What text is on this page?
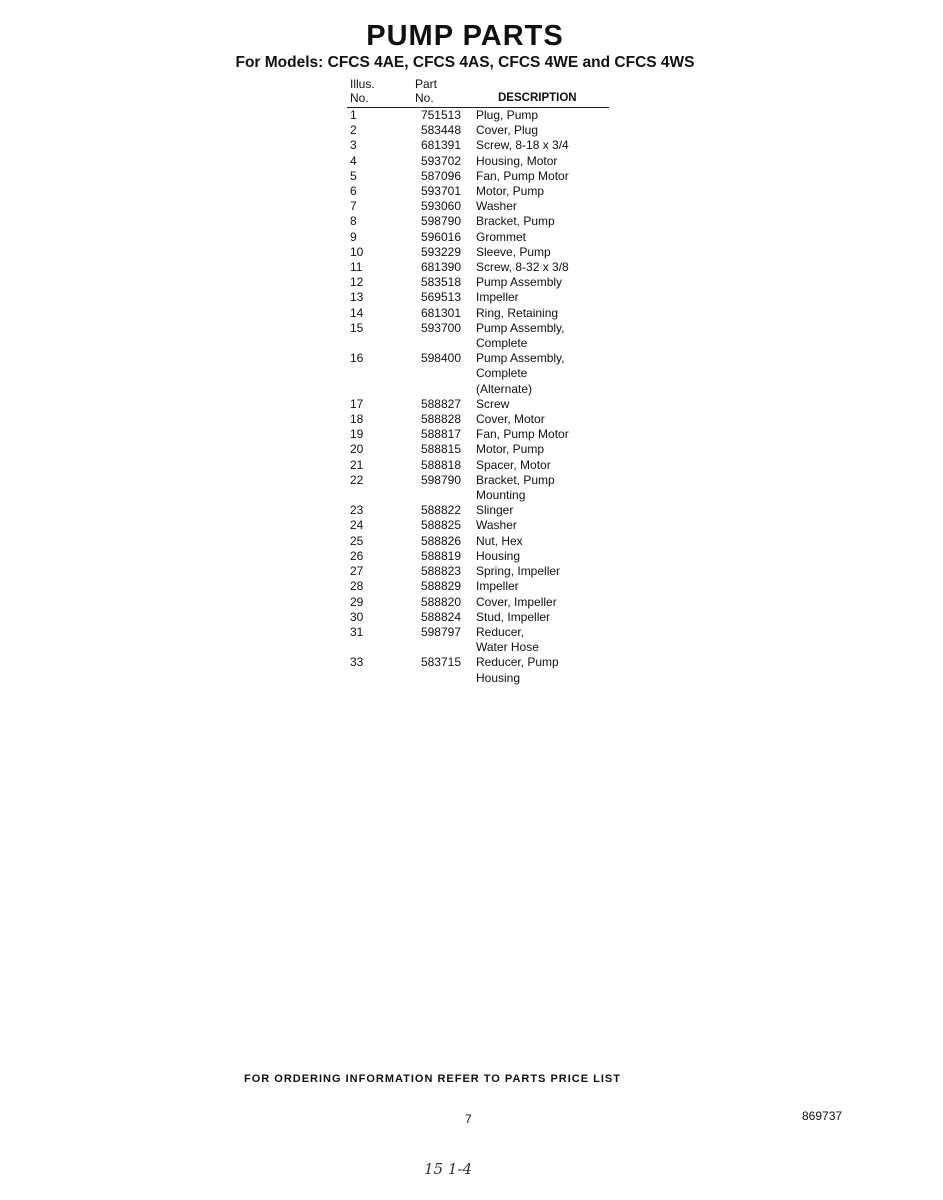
PUMP PARTS
For Models: CFCS 4AE, CFCS 4AS, CFCS 4WE and CFCS 4WS
Illus.	Part	
No.	No.	DESCRIPTION
1	751513	Plug, Pump
2	583448	Cover, Plug
3	681391	Screw, 8-18 x 3/4
4	593702	Housing, Motor
5	587096	Fan, Pump Motor
6	593701	Motor, Pump
7	593060	Washer
8	598790	Bracket, Pump
9	596016	Grommet
10	593229	Sleeve, Pump
11	681390	Screw, 8-32 x 3/8
12	583518	Pump Assembly
13	569513	Impeller
14	681301	Ring, Retaining
15	593700	Pump Assembly,
Complete
16	598400	Pump Assembly,
Complete
(Alternate)
17	588827	Screw
18	588828	Cover, Motor
19	588817	Fan, Pump Motor
20	588815	Motor, Pump
21	588818	Spacer, Motor
22	598790	Bracket, Pump
Mounting
23	588822	Slinger
24	588825	Washer
25	588826	Nut, Hex
26	588819	Housing
27	588823	Spring, Impeller
28	588829	Impeller
29	588820	Cover, Impeller
30	588824	Stud, Impeller
31	598797	Reducer,
Water Hose
33	583715	Reducer, Pump
Housing

FOR ORDERING INFORMATION REFER TO PARTS PRICE LIST

7	869737

15 1-4
